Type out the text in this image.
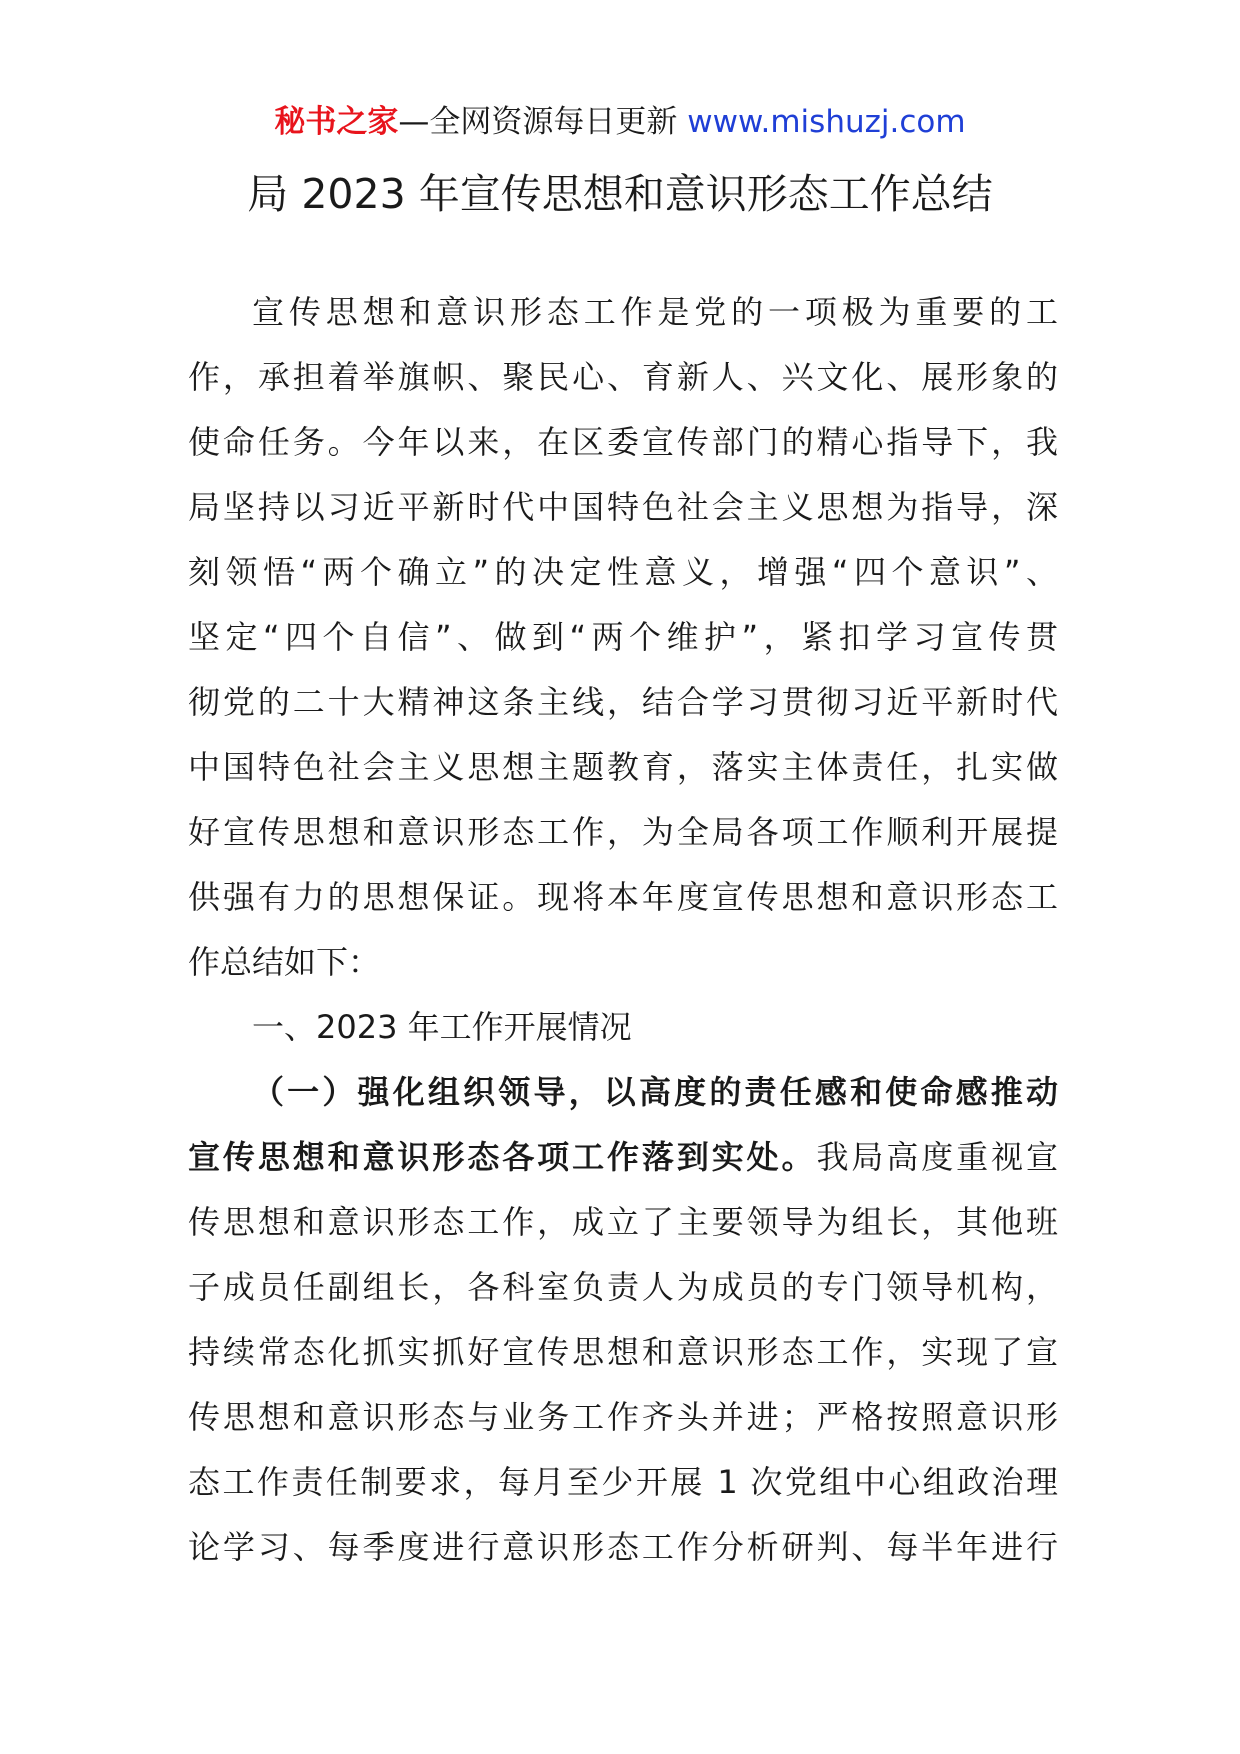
秘书之家—全网资源每日更新 www.mishuzj.com
局 2023 年宣传思想和意识形态工作总结
宣传思想和意识形态工作是党的一项极为重要的工
作，承担着举旗帜、聚民心、育新人、兴文化、展形象的
使命任务。今年以来，在区委宣传部门的精心指导下，我
局坚持以习近平新时代中国特色社会主义思想为指导，深
刻领悟“两个确立”的决定性意义，增强“四个意识”、
坚定“四个自信”、做到“两个维护”，紧扣学习宣传贯
彻党的二十大精神这条主线，结合学习贯彻习近平新时代
中国特色社会主义思想主题教育，落实主体责任，扎实做
好宣传思想和意识形态工作，为全局各项工作顺利开展提
供强有力的思想保证。现将本年度宣传思想和意识形态工
作总结如下：
一、2023 年工作开展情况
（一）强化组织领导，以高度的责任感和使命感推动
宣传思想和意识形态各项工作落到实处。我局高度重视宣
传思想和意识形态工作，成立了主要领导为组长，其他班
子成员任副组长，各科室负责人为成员的专门领导机构，
持续常态化抓实抓好宣传思想和意识形态工作，实现了宣
传思想和意识形态与业务工作齐头并进；严格按照意识形
态工作责任制要求，每月至少开展 1 次党组中心组政治理
论学习、每季度进行意识形态工作分析研判、每半年进行
